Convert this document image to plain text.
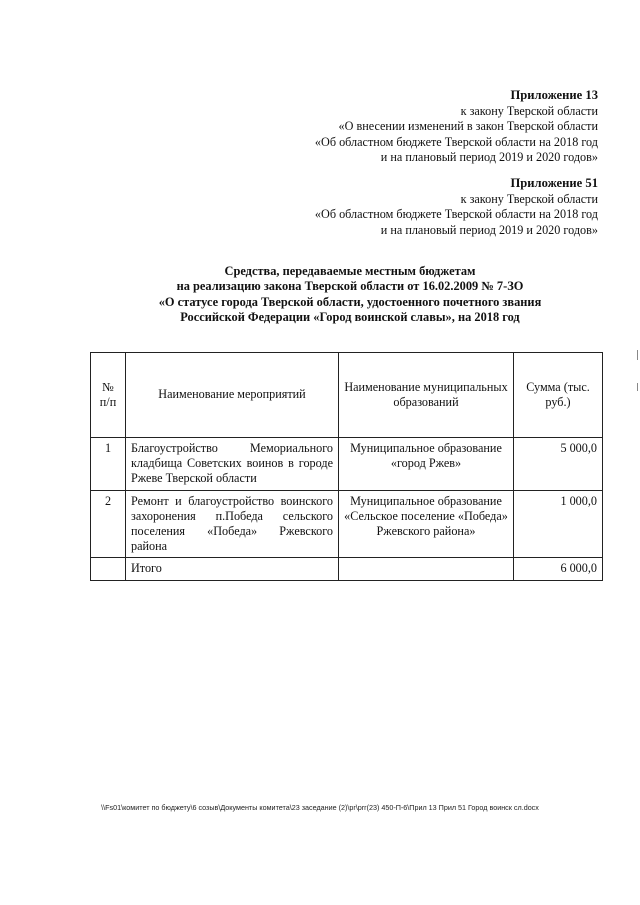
Приложение 13
к закону Тверской области
«О внесении изменений в закон Тверской области
«Об областном бюджете Тверской области на 2018 год
и на плановый период 2019 и 2020 годов»
Приложение 51
к закону Тверской области
«Об областном бюджете Тверской области на 2018 год
и на плановый период 2019 и 2020 годов»
Средства, передаваемые местным бюджетам
на реализацию закона Тверской области от 16.02.2009 № 7-ЗО
«О статусе города Тверской области, удостоенного почетного звания
Российской Федерации «Город воинской славы», на 2018 год
№ п/п	Наименование мероприятий	Наименование муниципальных образований	Сумма (тыс. руб.)
1	Благоустройство Мемориального кладбища Советских воинов в городе Ржеве Тверской области	Муниципальное образование «город Ржев»	5 000,0
2	Ремонт и благоустройство воинского захоронения п.Победа сельского поселения «Победа» Ржевского района	Муниципальное образование «Сельское поселение «Победа» Ржевского района»	1 000,0
	Итого		6 000,0
\\Fs01\комитет по бюджету\6 созыв\Документы комитета\23 заседание (2)\pr\prr(23) 450-П-6\Прил 13 Прил 51 Город воинск сл.docx
